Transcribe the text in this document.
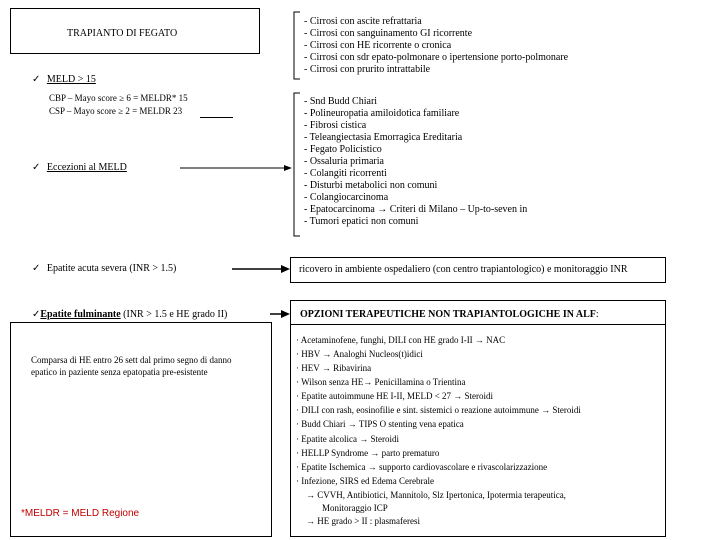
TRAPIANTO DI FEGATO
✓ MELD > 15
CBP – Mayo score ≥ 6 = MELDR* 15
CSP – Mayo score ≥ 2 = MELDR 23
- Cirrosi con ascite refrattaria
- Cirrosi con sanguinamento GI ricorrente
- Cirrosi con HE ricorrente o cronica
- Cirrosi con sdr epato-polmonare o ipertensione porto-polmonare
- Cirrosi con prurito intrattabile
- Snd Budd Chiari
- Polineuropatia amiloidotica familiare
- Fibrosi cistica
- Teleangiectasia Emorragica Ereditaria
- Fegato Policistico
- Ossaluria primaria
- Colangiti ricorrenti
- Disturbi metabolici non comuni
- Colangiocarcinoma
- Epatocarcinoma → Criteri di Milano – Up-to-seven in
- Tumori epatici non comuni
✓ Eccezioni al MELD
✓ Epatite acuta severa (INR > 1.5)	ricovero in ambiente ospedaliero (con centro trapiantologico) e monitoraggio INR
✓Epatite fulminante (INR > 1.5 e HE grado II)	OPZIONI TERAPEUTICHE NON TRAPIANTOLOGICHE IN ALF:
· Acetaminofene, funghi, DILI con HE grado I-II → NAC
· HBV → Analoghi Nucleos(t)idici
· HEV → Ribavirina
· Wilson senza HE→ Penicillamina o Trientina
· Epatite autoimmune HE I-II, MELD < 27 → Steroidi
· DILI con rash, eosinofilie e sint. sistemici o reazione autoimmune → Steroidi
· Budd Chiari → TIPS O stenting vena epatica
· Epatite alcolica → Steroidi
· HELLP Syndrome → parto prematuro
· Epatite Ischemica → supporto cardiovascolare e rivascolarizzazione
· Infezione, SIRS ed Edema Cerebrale
→ CVVH, Antibiotici, Mannitolo, Slz Ipertonica, Ipotermia terapeutica,
Monitoraggio ICP
→ HE grado > II : plasmaferesi
Comparsa di HE entro 26 sett dal primo segno di danno
epatico in paziente senza epatopatia pre-esistente
*MELDR = MELD Regione
